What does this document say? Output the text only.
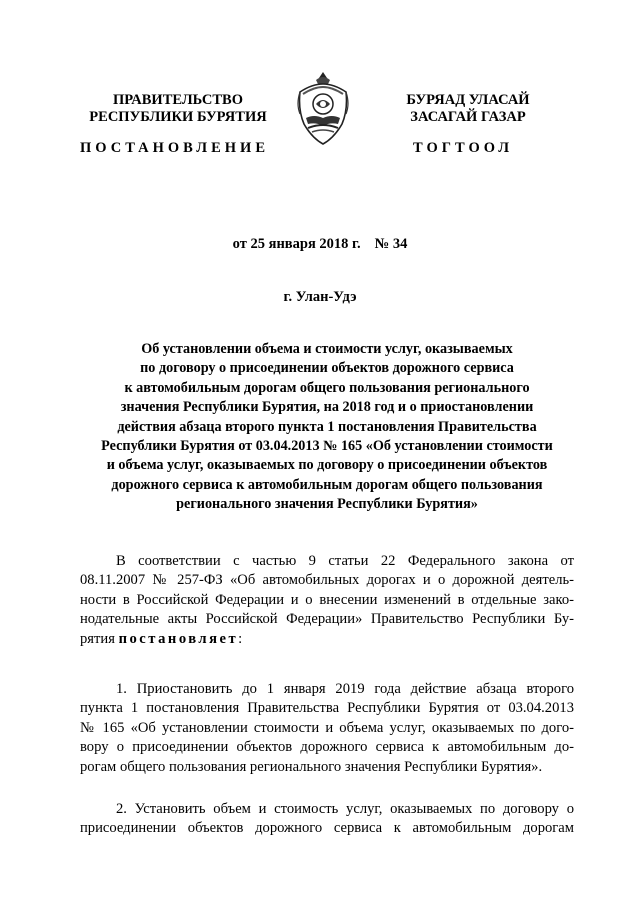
ПРАВИТЕЛЬСТВО
РЕСПУБЛИКИ БУРЯТИЯ
БУРЯАД УЛАСАЙ
ЗАСАГАЙ ГАЗАР
ПОСТАНОВЛЕНИЕ	ТОГТООЛ
от 25 января 2018 г. № 34
г. Улан-Удэ
Об установлении объема и стоимости услуг, оказываемых
по договору о присоединении объектов дорожного сервиса
к автомобильным дорогам общего пользования регионального
значения Республики Бурятия, на 2018 год и о приостановлении
действия абзаца второго пункта 1 постановления Правительства
Республики Бурятия от 03.04.2013 № 165 «Об установлении стоимости
и объема услуг, оказываемых по договору о присоединении объектов
дорожного сервиса к автомобильным дорогам общего пользования
регионального значения Республики Бурятия»
В соответствии с частью 9 статьи 22 Федерального закона от
08.11.2007 № 257-ФЗ «Об автомобильных дорогах и о дорожной деятель-
ности в Российской Федерации и о внесении изменений в отдельные зако-
нодательные акты Российской Федерации» Правительство Республики Бу-
рятия постановляет:
1. Приостановить до 1 января 2019 года действие абзаца второго
пункта 1 постановления Правительства Республики Бурятия от 03.04.2013
№ 165 «Об установлении стоимости и объема услуг, оказываемых по дого-
вору о присоединении объектов дорожного сервиса к автомобильным до-
рогам общего пользования регионального значения Республики Бурятия».
2. Установить объем и стоимость услуг, оказываемых по договору о
присоединении объектов дорожного сервиса к автомобильным дорогам
